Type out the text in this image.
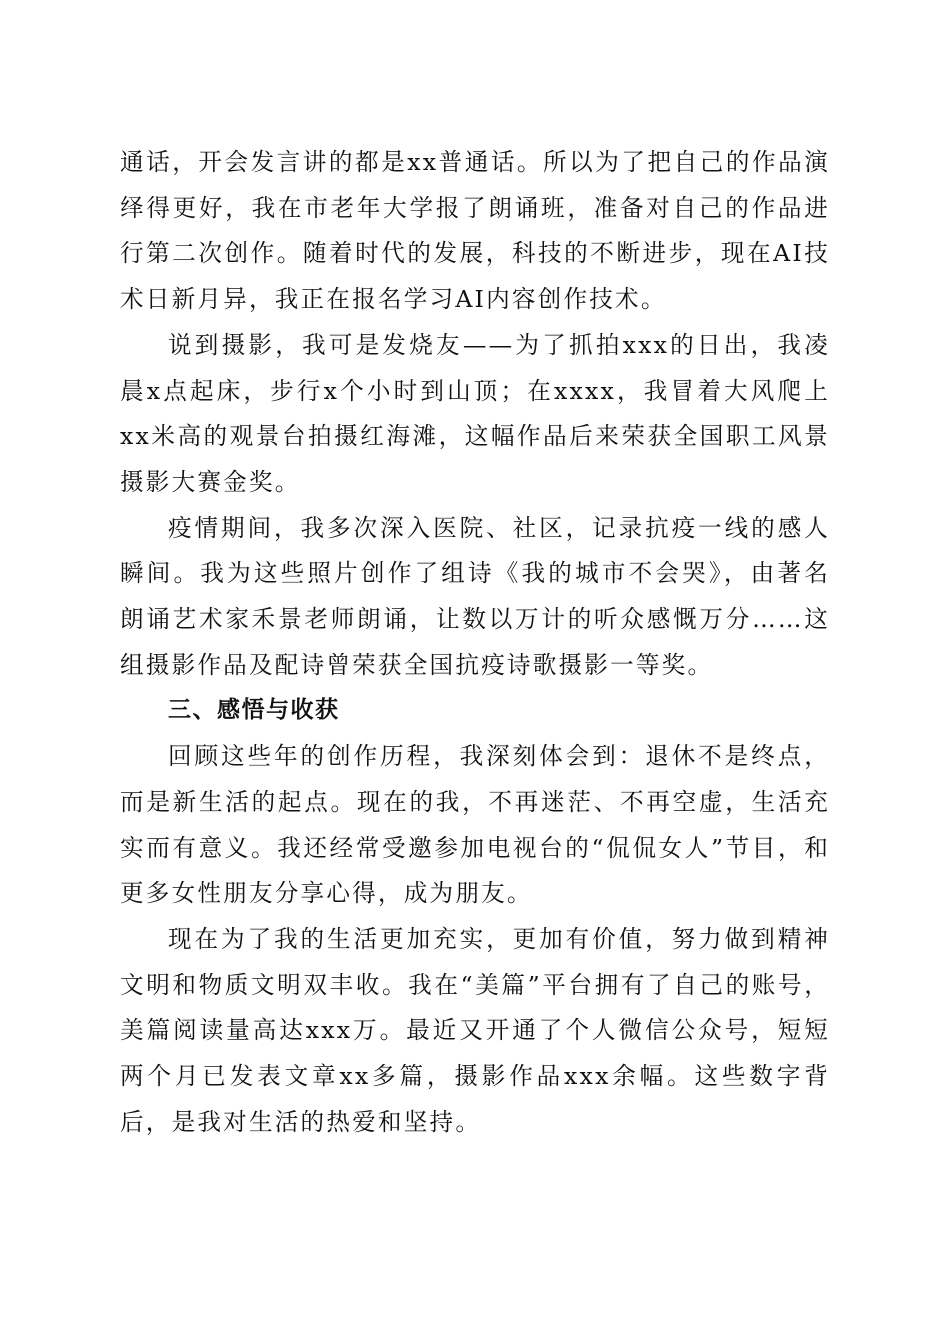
通话，开会发言讲的都是xx普通话。所以为了把自己的作品演绎得更好，我在市老年大学报了朗诵班，准备对自己的作品进行第二次创作。随着时代的发展，科技的不断进步，现在AI技术日新月异，我正在报名学习AI内容创作技术。

说到摄影，我可是发烧友——为了抓拍xxx的日出，我凌晨x点起床，步行x个小时到山顶；在xxxx，我冒着大风爬上xx米高的观景台拍摄红海滩，这幅作品后来荣获全国职工风景摄影大赛金奖。

疫情期间，我多次深入医院、社区，记录抗疫一线的感人瞬间。我为这些照片创作了组诗《我的城市不会哭》，由著名朗诵艺术家禾景老师朗诵，让数以万计的听众感慨万分……这组摄影作品及配诗曾荣获全国抗疫诗歌摄影一等奖。

三、感悟与收获

回顾这些年的创作历程，我深刻体会到：退休不是终点，而是新生活的起点。现在的我，不再迷茫、不再空虚，生活充实而有意义。我还经常受邀参加电视台的“侃侃女人”节目，和更多女性朋友分享心得，成为朋友。

现在为了我的生活更加充实，更加有价值，努力做到精神文明和物质文明双丰收。我在“美篇”平台拥有了自己的账号，美篇阅读量高达xxx万。最近又开通了个人微信公众号，短短两个月已发表文章xx多篇，摄影作品xxx余幅。这些数字背后，是我对生活的热爱和坚持。
